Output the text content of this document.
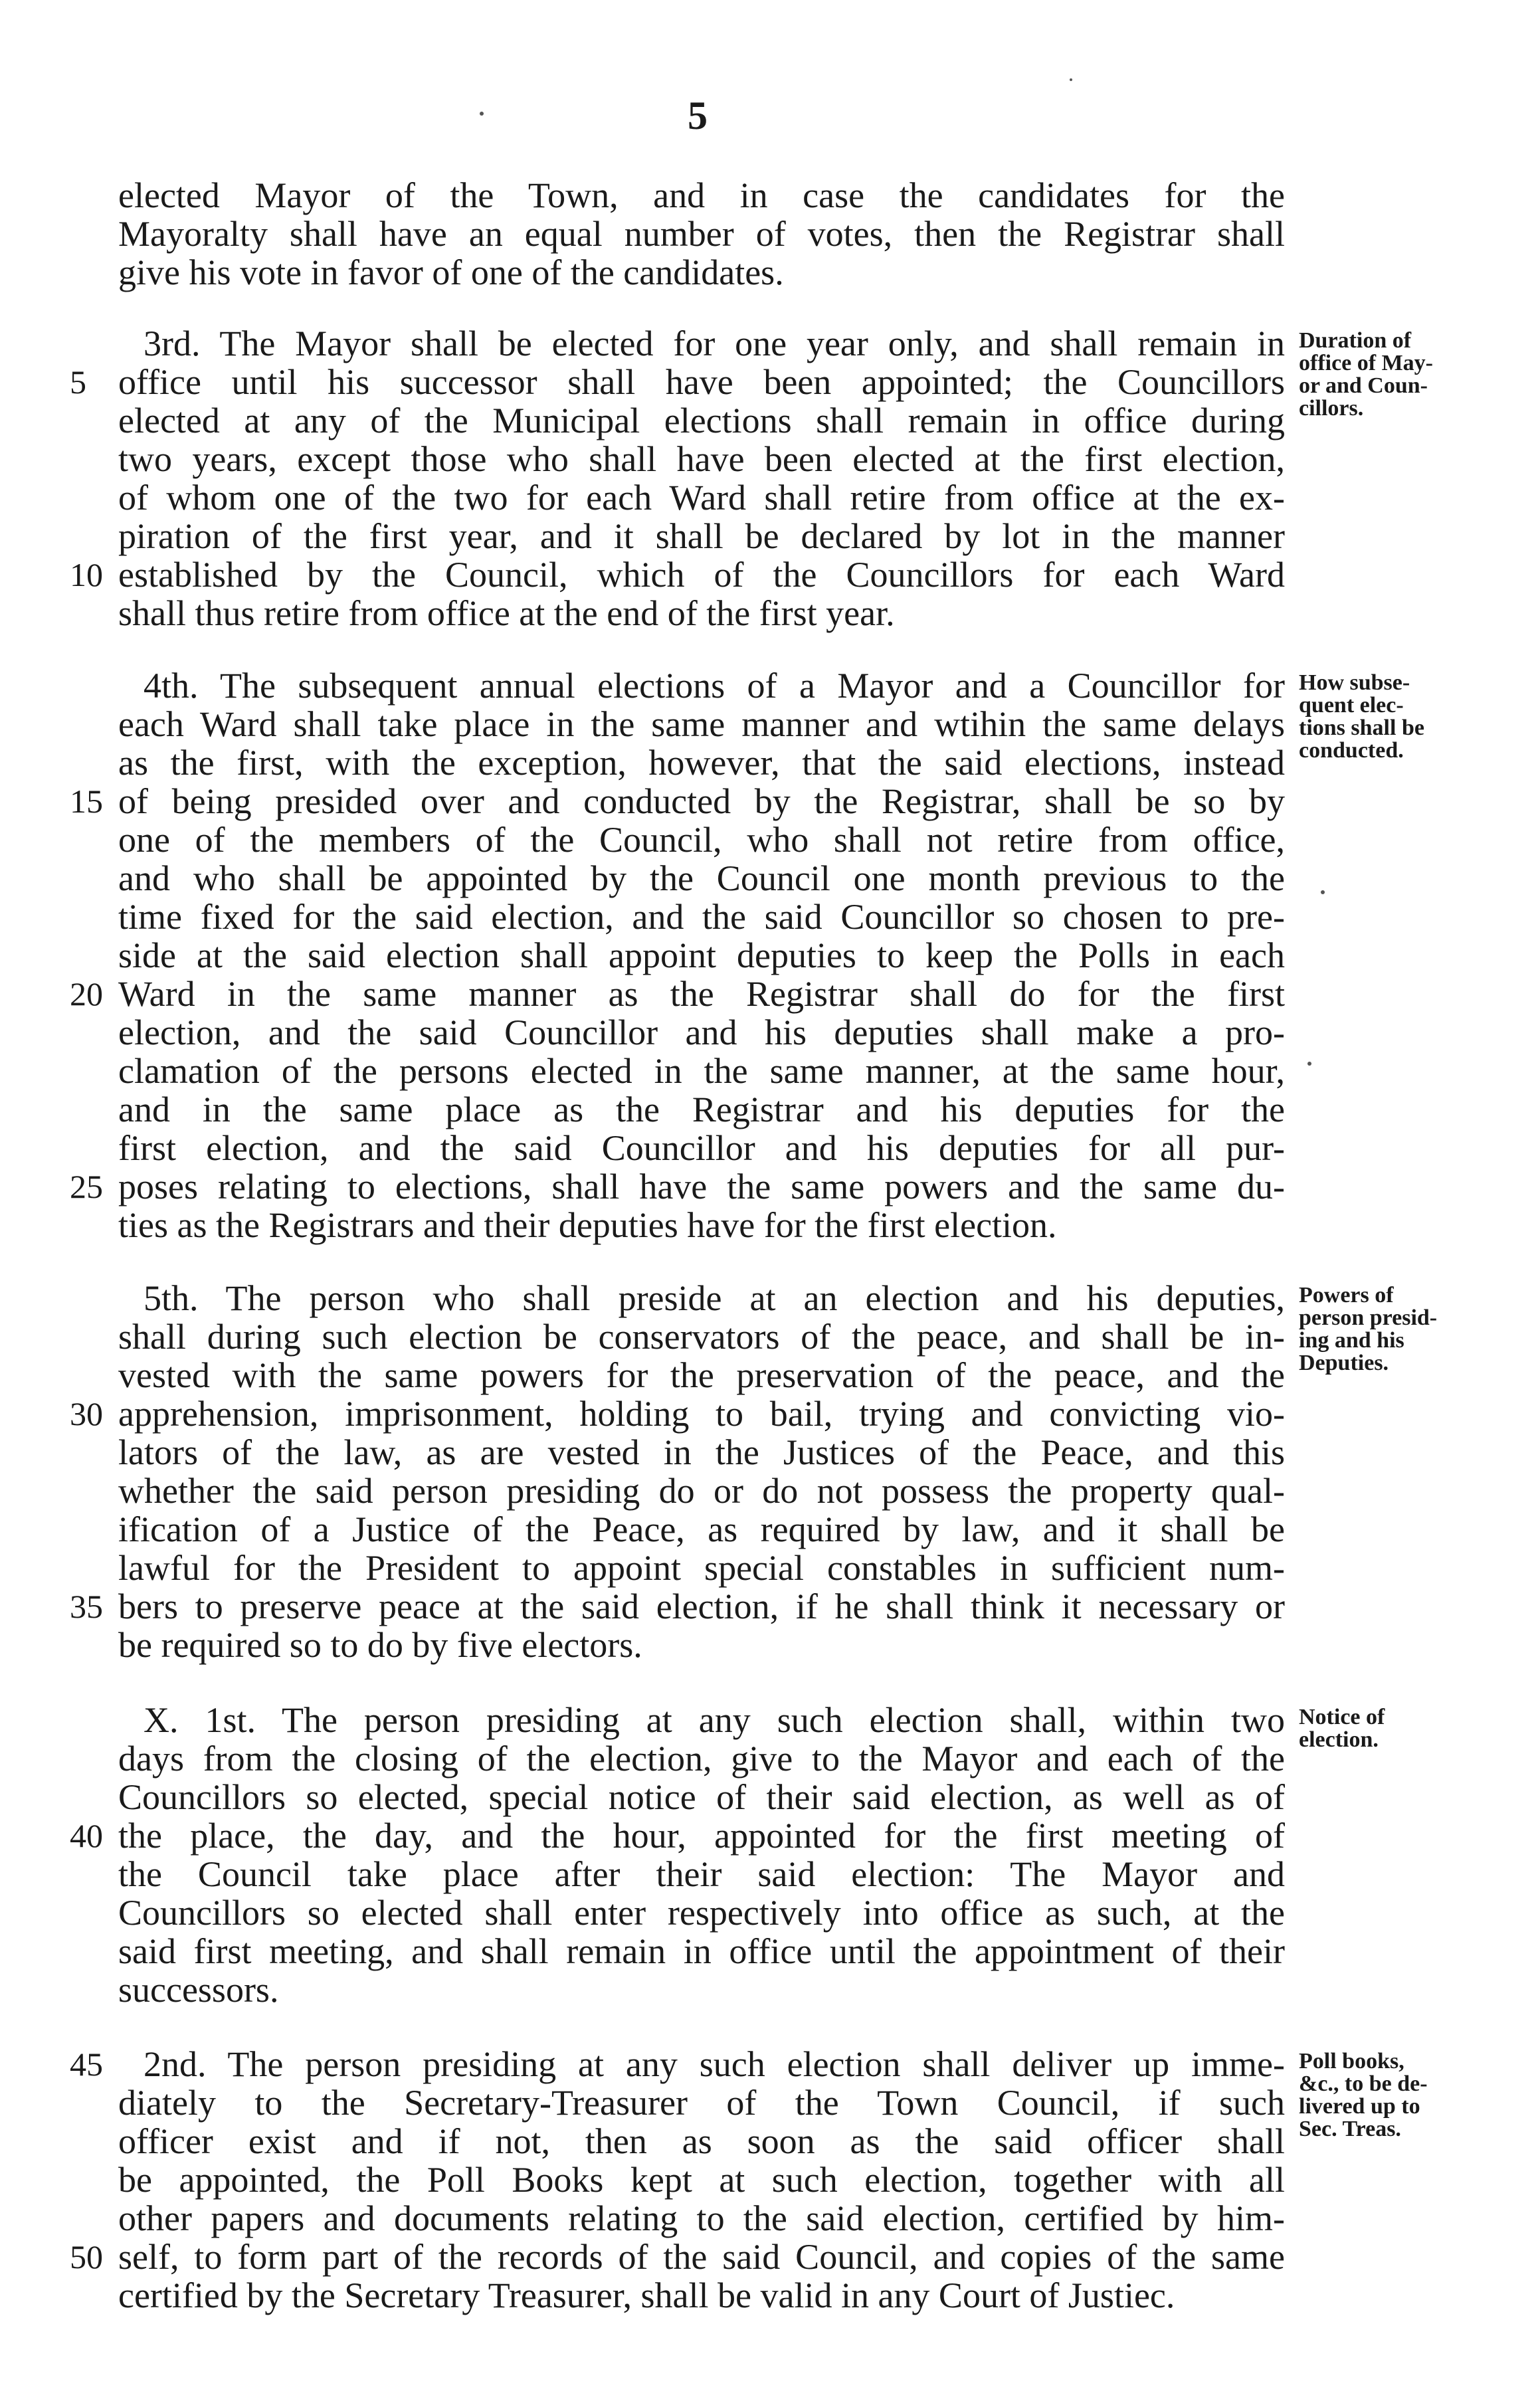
5
elected Mayor of the Town, and in case the candidates for the
Mayoralty shall have an equal number of votes, then the Registrar shall
give his vote in favor of one of the candidates.
3rd. The Mayor shall be elected for one year only, and shall remain in
office until his successor shall have been appointed; the Councillors
elected at any of the Municipal elections shall remain in office during
two years, except those who shall have been elected at the first election,
of whom one of the two for each Ward shall retire from office at the ex-
piration of the first year, and it shall be declared by lot in the manner
established by the Council, which of the Councillors for each Ward
shall thus retire from office at the end of the first year.
5
10
Duration of
office of May-
or and Coun-
cillors.
4th. The subsequent annual elections of a Mayor and a Councillor for
each Ward shall take place in the same manner and wtihin the same delays
as the first, with the exception, however, that the said elections, instead
of being presided over and conducted by the Registrar, shall be so by
one of the members of the Council, who shall not retire from office,
and who shall be appointed by the Council one month previous to the
time fixed for the said election, and the said Councillor so chosen to pre-
side at the said election shall appoint deputies to keep the Polls in each
Ward in the same manner as the Registrar shall do for the first
election, and the said Councillor and his deputies shall make a pro-
clamation of the persons elected in the same manner, at the same hour,
and in the same place as the Registrar and his deputies for the
first election, and the said Councillor and his deputies for all pur-
poses relating to elections, shall have the same powers and the same du-
ties as the Registrars and their deputies have for the first election.
15
20
25
How subse-
quent elec-
tions shall be
conducted.
5th. The person who shall preside at an election and his deputies,
shall during such election be conservators of the peace, and shall be in-
vested with the same powers for the preservation of the peace, and the
apprehension, imprisonment, holding to bail, trying and convicting vio-
lators of the law, as are vested in the Justices of the Peace, and this
whether the said person presiding do or do not possess the property qual-
ification of a Justice of the Peace, as required by law, and it shall be
lawful for the President to appoint special constables in sufficient num-
bers to preserve peace at the said election, if he shall think it necessary or
be required so to do by five electors.
30
35
Powers of
person presid-
ing and his
Deputies.
X. 1st. The person presiding at any such election shall, within two
days from the closing of the election, give to the Mayor and each of the
Councillors so elected, special notice of their said election, as well as of
the place, the day, and the hour, appointed for the first meeting of
the Council take place after their said election: The Mayor and
Councillors so elected shall enter respectively into office as such, at the
said first meeting, and shall remain in office until the appointment of their
successors.
40
Notice of
election.
2nd. The person presiding at any such election shall deliver up imme-
diately to the Secretary-Treasurer of the Town Council, if such
officer exist and if not, then as soon as the said officer shall
be appointed, the Poll Books kept at such election, together with all
other papers and documents relating to the said election, certified by him-
self, to form part of the records of the said Council, and copies of the same
certified by the Secretary Treasurer, shall be valid in any Court of Justiec.
45
50
Poll books,
&c., to be de-
livered up to
Sec. Treas.
